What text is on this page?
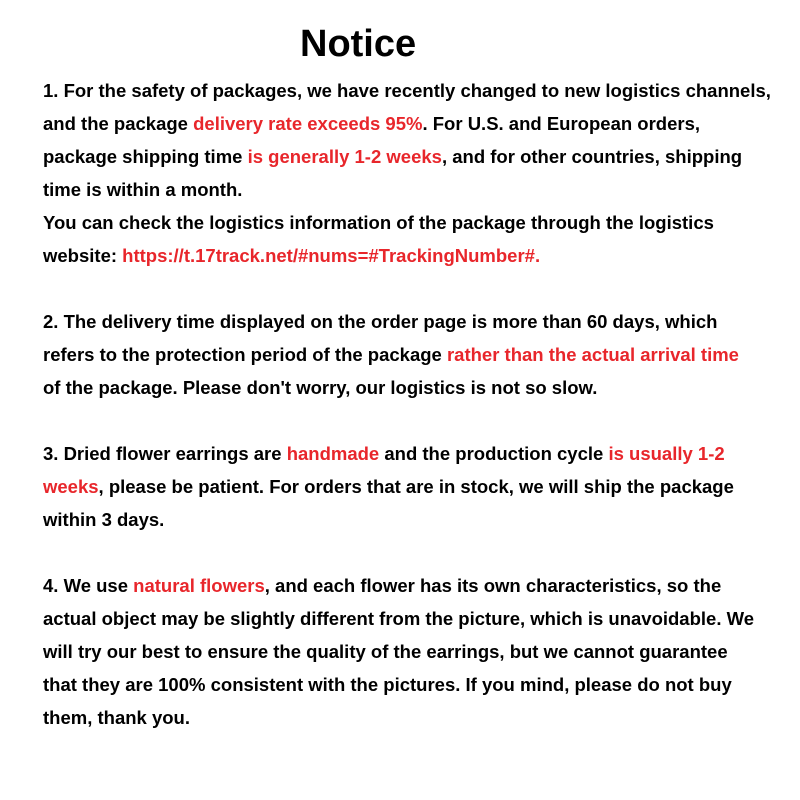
Notice
1. For the safety of packages, we have recently changed to new logistics channels,
and the package delivery rate exceeds 95%. For U.S. and European orders,
package shipping time is generally 1-2 weeks, and for other countries, shipping
time is within a month.
You can check the logistics information of the package through the logistics
website: https://t.17track.net/#nums=#TrackingNumber#.
2. The delivery time displayed on the order page is more than 60 days, which
refers to the protection period of the package rather than the actual arrival time
of the package. Please don't worry, our logistics is not so slow.
3. Dried flower earrings are handmade and the production cycle is usually 1-2
weeks, please be patient. For orders that are in stock, we will ship the package
within 3 days.
4. We use natural flowers, and each flower has its own characteristics, so the
actual object may be slightly different from the picture, which is unavoidable. We
will try our best to ensure the quality of the earrings, but we cannot guarantee
that they are 100% consistent with the pictures. If you mind, please do not buy
them, thank you.
